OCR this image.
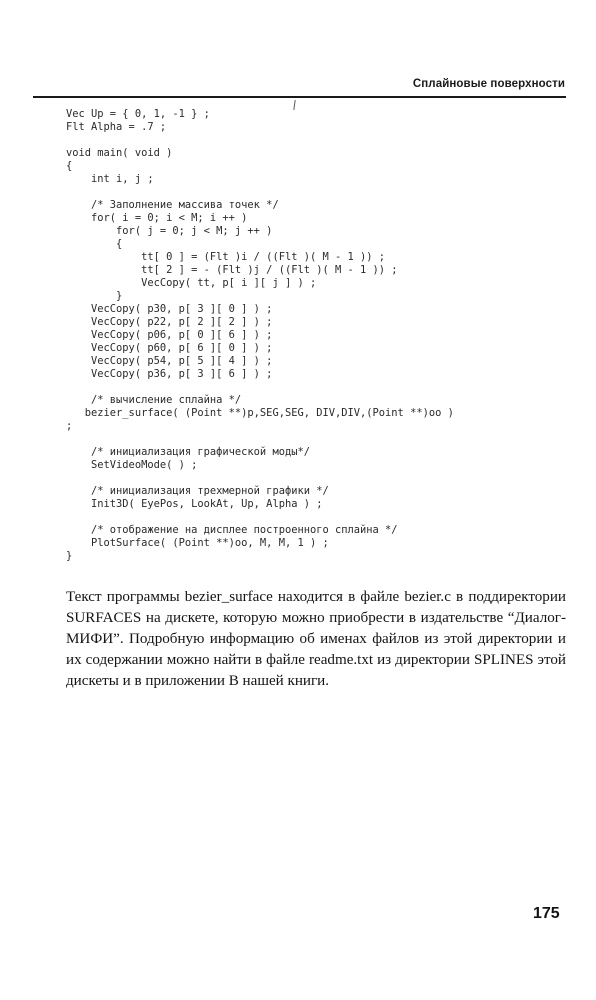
Сплайновые поверхности
Vec Up = { 0, 1, -1 } ;
Flt Alpha = .7 ;
void main( void )
{
int i, j ;
/* Заполнение массива точек */
for( i = 0; i < M; i ++ )
for( j = 0; j < M; j ++ )
{
tt[ 0 ] = (Flt )i / ((Flt )( M - 1 )) ;
tt[ 2 ] = - (Flt )j / ((Flt )( M - 1 )) ;
VecCopy( tt, p[ i ][ j ] ) ;
}
VecCopy( p30, p[ 3 ][ 0 ] ) ;
VecCopy( p22, p[ 2 ][ 2 ] ) ;
VecCopy( p06, p[ 0 ][ 6 ] ) ;
VecCopy( p60, p[ 6 ][ 0 ] ) ;
VecCopy( p54, p[ 5 ][ 4 ] ) ;
VecCopy( p36, p[ 3 ][ 6 ] ) ;
/* вычисление сплайна */
bezier_surface( (Point **)p,SEG,SEG, DIV,DIV,(Point **)oo )
;
/* инициализация графической моды*/
SetVideoMode( ) ;
/* инициализация трехмерной графики */
Init3D( EyePos, LookAt, Up, Alpha ) ;
/* отображение на дисплее построенного сплайна */
PlotSurface( (Point **)oo, M, M, 1 ) ;
}

Текст программы bezier_surface находится в файле bezier.c в поддиректории SURFACES на дискете, которую можно приобрести в издательстве “Диалог-МИФИ”. Подробную информацию об именах файлов из этой директории и их содержании можно найти в файле readme.txt из директории SPLINES этой дискеты и в приложении В нашей книги.

175
